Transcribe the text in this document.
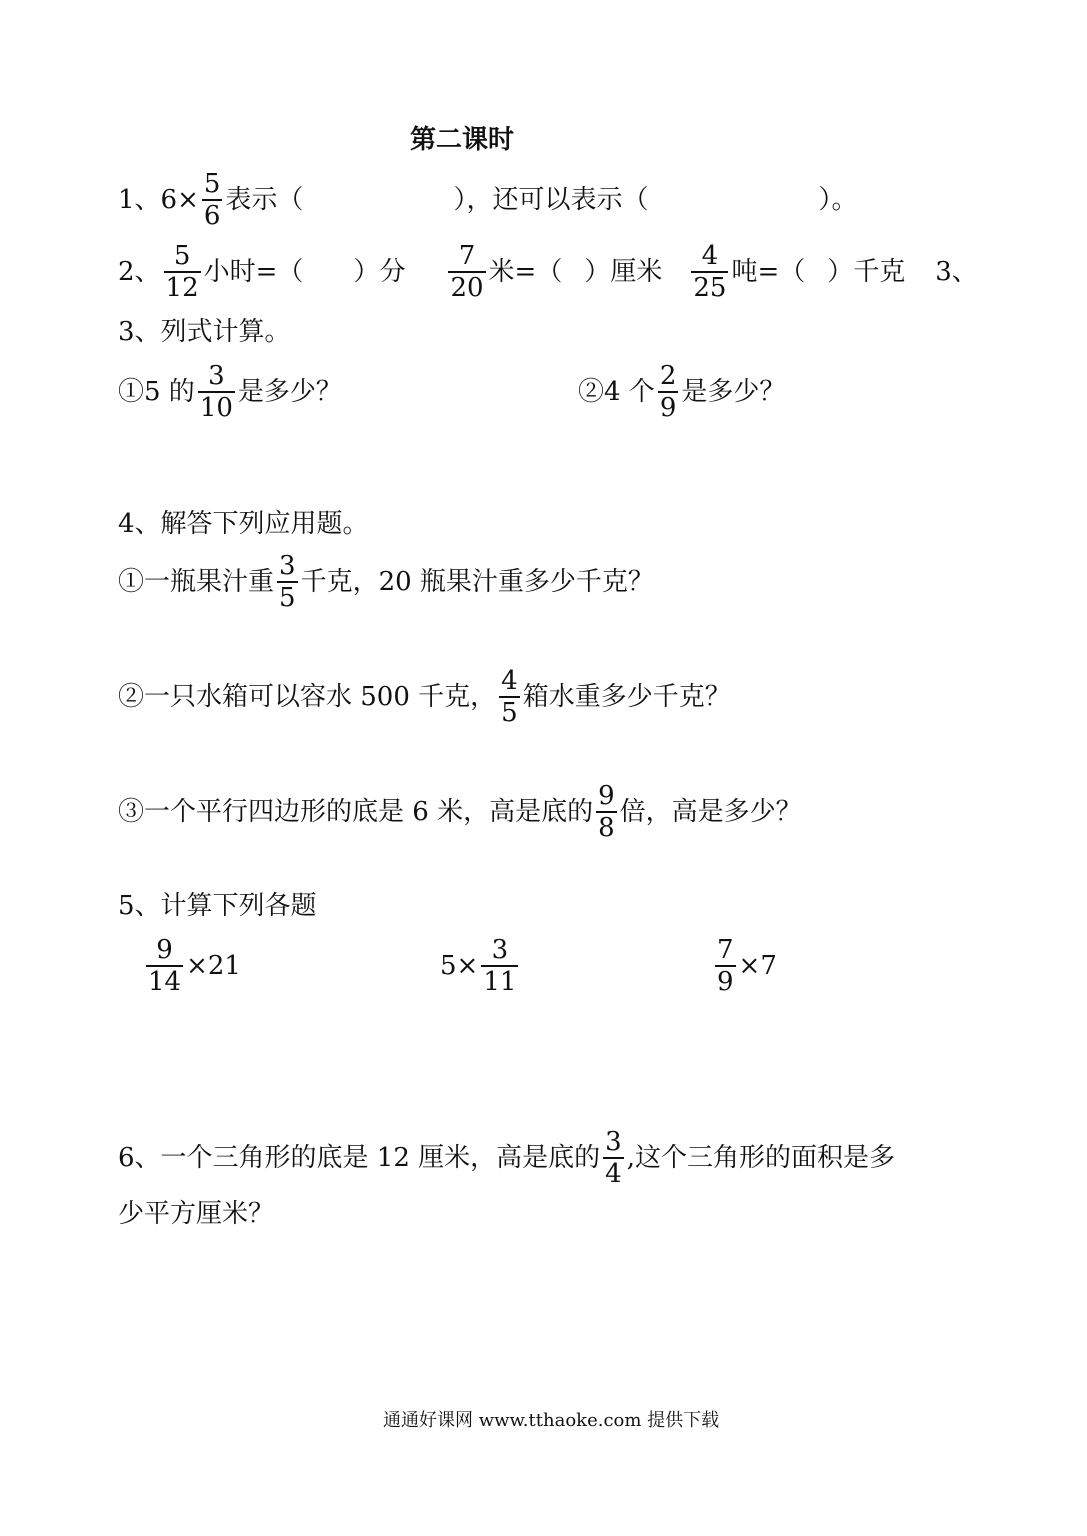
第二课时
1、$6\times \frac{5}{6}$ 表示（	），还可以表示（	）。
2、 $\frac{5}{12}$ 小时=（ ）分 $\frac{7}{20}$ 米=（ ）厘米 $\frac{4}{25}$ 吨=（ ）千克 3、
3、列式计算。
①5 的 $\frac{3}{10}$ 是多少？	②4 个 $\frac{2}{9}$ 是多少？
4、解答下列应用题。
①一瓶果汁重 $\frac{3}{5}$ 千克，20 瓶果汁重多少千克？
②一只水箱可以容水 500 千克， $\frac{4}{5}$ 箱水重多少千克？
③一个平行四边形的底是 6 米，高是底的 $\frac{9}{8}$ 倍，高是多少？
5、计算下列各题
$\frac{9}{14} \times 21$	$5\times \frac{3}{11}$	$\frac{7}{9} \times 7$
6、一个三角形的底是 12 厘米，高是底的 $\frac{3}{4}$ ,这个三角形的面积是多
少平方厘米？
通通好课网 www.tthaoke.com 提供下载
